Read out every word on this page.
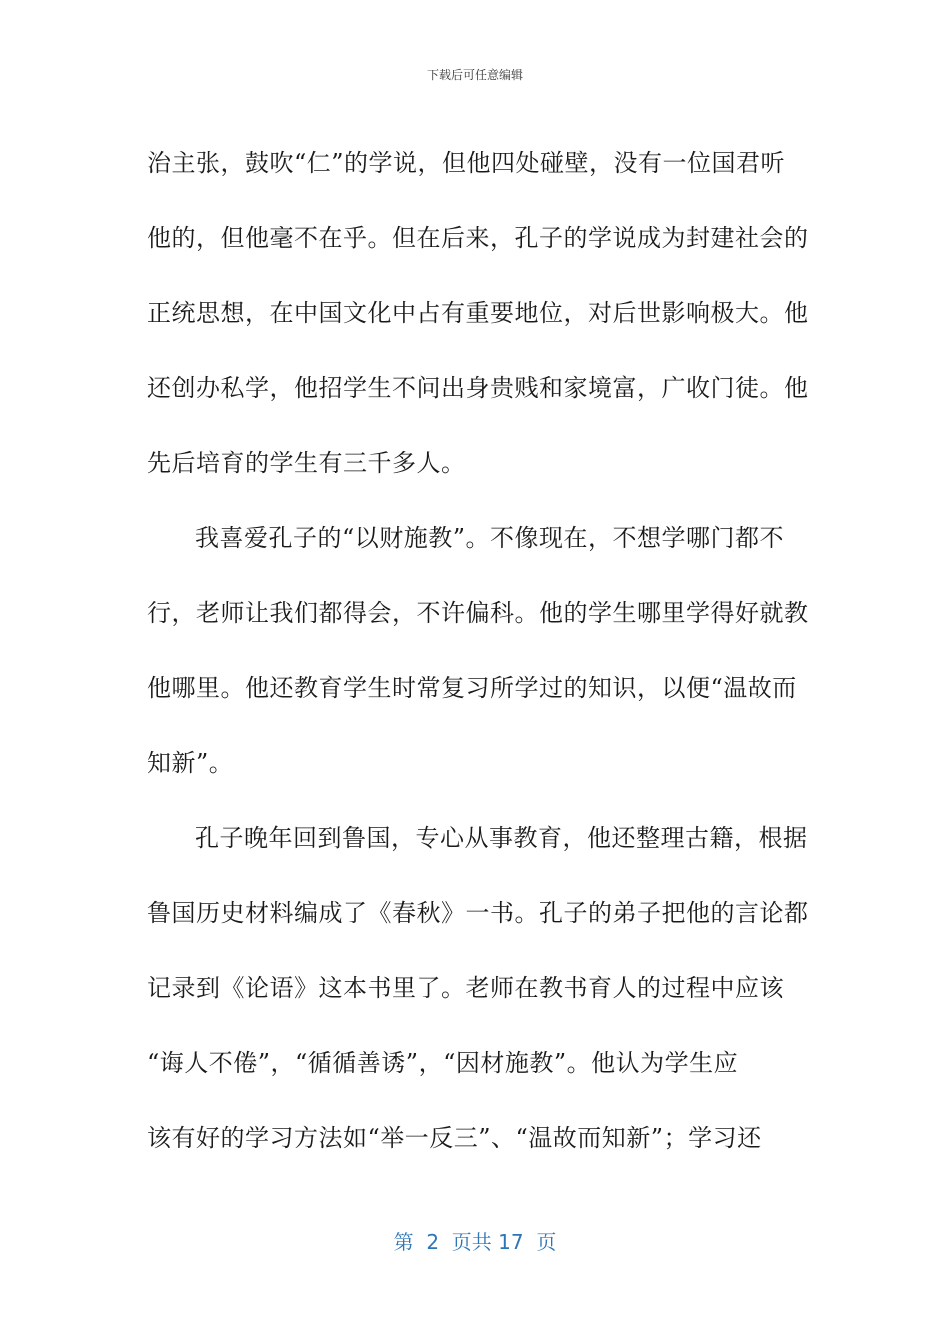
下载后可任意编辑
治主张，鼓吹“仁”的学说，但他四处碰壁，没有一位国君听
他的，但他毫不在乎。但在后来，孔子的学说成为封建社会的
正统思想，在中国文化中占有重要地位，对后世影响极大。他
还创办私学，他招学生不问出身贵贱和家境富，广收门徒。他
先后培育的学生有三千多人。
我喜爱孔子的“以财施教”。不像现在，不想学哪门都不
行，老师让我们都得会，不许偏科。他的学生哪里学得好就教
他哪里。他还教育学生时常复习所学过的知识，以便“温故而
知新”。
孔子晚年回到鲁国，专心从事教育，他还整理古籍，根据
鲁国历史材料编成了《春秋》一书。孔子的弟子把他的言论都
记录到《论语》这本书里了。老师在教书育人的过程中应该
“诲人不倦”，“循循善诱”，“因材施教”。他认为学生应
该有好的学习方法如“举一反三”、“温故而知新”；学习还
第  2  页共 17  页
